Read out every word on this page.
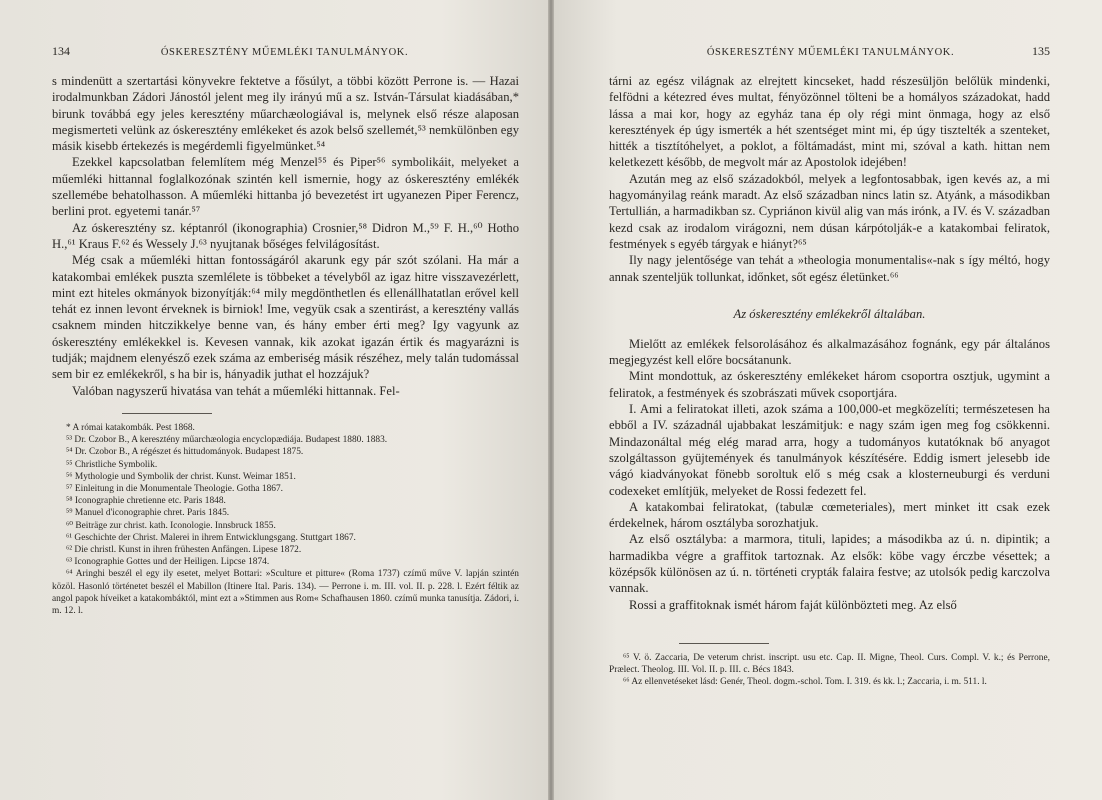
134	ÓSKERESZTÉNY MŰEMLÉKI TANULMÁNYOK.

s mindenütt a szertartási könyvekre fektetve a fősúlyt, a többi között Perrone is. — Hazai irodalmunkban Zádori Jánostól jelent meg ily irányú mű a sz. István-Társulat kiadásában,* birunk továbbá egy jeles keresztény műarchæologiával is, melynek első része alaposan megismerteti velünk az óskeresztény emlékeket és azok belső szellemét,⁵³ nemkülönben egy másik kisebb értekezés is megérdemli figyelmünket.⁵⁴

Ezekkel kapcsolatban felemlítem még Menzel⁵⁵ és Piper⁵⁶ symbolikáit, melyeket a műemléki hittannal foglalkozónak szintén kell ismernie, hogy az óskeresztény emlékék szellemébe behatolhasson. A műemléki hittanba jó bevezetést irt ugyanezen Piper Ferencz, berlini prot. egyetemi tanár.⁵⁷

Az óskeresztény sz. képtanról (ikonographia) Crosnier,⁵⁸ Didron M.,⁵⁹ F. H.,⁶⁰ Hotho H.,⁶¹ Kraus F.⁶² és Wessely J.⁶³ nyujtanak bőséges felvilágosítást.

Még csak a műemléki hittan fontosságáról akarunk egy pár szót szólani. Ha már a katakombai emlékek puszta szemlélete is többeket a tévelyből az igaz hitre visszavezérlett, mint ezt hiteles okmányok bizonyítják:⁶⁴ mily megdönthetlen és ellenállhatatlan erővel kell tehát ez innen levont érveknek is birniok! Ime, vegyük csak a szentirást, a keresztény vallás csaknem minden hitczikkelye benne van, és hány ember érti meg? Igy vagyunk az óskeresztény emlékekkel is. Kevesen vannak, kik azokat igazán értik és magyarázni is tudják; majdnem elenyésző ezek száma az emberiség másik részéhez, mely talán tudomással sem bir ez emlékekről, s ha bir is, hányadik juthat el hozzájuk?

Valóban nagyszerű hivatása van tehát a műemléki hittannak. Fel-

* A római katakombák. Pest 1868.

⁵³ Dr. Czobor B., A keresztény műarchæologia encyclopædiája. Budapest 1880. 1883.

⁵⁴ Dr. Czobor B., A régészet és hittudományok. Budapest 1875.

⁵⁵ Christliche Symbolik.

⁵⁶ Mythologie und Symbolik der christ. Kunst. Weimar 1851.

⁵⁷ Einleitung in die Monumentale Theologie. Gotha 1867.

⁵⁸ Iconographie chretienne etc. Paris 1848.

⁵⁹ Manuel d'iconographie chret. Paris 1845.

⁶⁰ Beiträge zur christ. kath. Iconologie. Innsbruck 1855.

⁶¹ Geschichte der Christ. Malerei in ihrem Entwicklungsgang. Stuttgart 1867.

⁶² Die christl. Kunst in ihren frühesten Anfängen. Lipese 1872.

⁶³ Iconographie Gottes und der Heiligen. Lipcse 1874.

⁶⁴ Aringhi beszél el egy ily esetet, melyet Bottari: »Sculture et pitture« (Roma 1737) czímű műve V. lapján szintén közöl. Hasonló történetet beszél el Mabillon (Itinere Ital. Paris. 134). — Perrone i. m. III. vol. II. p. 228. l. Ezért féltik az angol papok híveiket a katakombáktól, mint ezt a »Stimmen aus Rom« Schafhausen 1860. czímű munka tanusítja. Zádori, i. m. 12. l.

ÓSKERESZTÉNY MŰEMLÉKI TANULMÁNYOK.	135

tárni az egész világnak az elrejtett kincseket, hadd részesüljön belőlük mindenki, felfödni a kétezred éves multat, fényözönnel tölteni be a homályos századokat, hadd lássa a mai kor, hogy az egyház tana ép oly régi mint önmaga, hogy az első keresztények ép úgy ismerték a hét szentséget mint mi, ép úgy tisztelték a szenteket, hitték a tisztítóhelyet, a poklot, a föltámadást, mint mi, szóval a kath. hittan nem keletkezett később, de megvolt már az Apostolok idejében!

Azután meg az első századokból, melyek a legfontosabbak, igen kevés az, a mi hagyományilag reánk maradt. Az első században nincs latin sz. Atyánk, a másodikban Tertullián, a harmadikban sz. Cypriánon kivül alig van más irónk, a IV. és V. században kezd csak az irodalom virágozni, nem dúsan kárpótolják-e a katakombai feliratok, festmények s egyéb tárgyak e hiányt?⁶⁵

Ily nagy jelentősége van tehát a »theologia monumentalis«-nak s így méltó, hogy annak szenteljük tollunkat, időnket, sőt egész életünket.⁶⁶

Az óskeresztény emlékekről általában.

Mielőtt az emlékek felsorolásához és alkalmazásához fognánk, egy pár általános megjegyzést kell előre bocsátanunk.

Mint mondottuk, az óskeresztény emlékeket három csoportra osztjuk, ugymint a feliratok, a festmények és szobrászati művek csoportjára.

I. Ami a feliratokat illeti, azok száma a 100,000-et megközelíti; természetesen ha ebből a IV. századnál ujabbakat leszámitjuk: e nagy szám igen meg fog csökkenni. Mindazonáltal még elég marad arra, hogy a tudományos kutatóknak bő anyagot szolgáltasson gyüjtemények és tanulmányok készítésére. Eddig ismert jelesebb ide vágó kiadványokat fönebb soroltuk elő s még csak a klosterneuburgi és verduni codexeket említjük, melyeket de Rossi fedezett fel.

A katakombai feliratokat, (tabulæ cœmeteriales), mert minket itt csak ezek érdekelnek, három osztályba sorozhatjuk.

Az első osztályba: a marmora, tituli, lapides; a másodikba az ú. n. dipintik; a harmadikba végre a graffitok tartoznak. Az elsők: köbe vagy érczbe vésettek; a középsők különösen az ú. n. történeti crypták falaira festve; az utolsók pedig karczolva vannak.

Rossi a graffitoknak ismét három faját különbözteti meg. Az első

⁶⁵ V. ö. Zaccaria, De veterum christ. inscript. usu etc. Cap. II. Migne, Theol. Curs. Compl. V. k.; és Perrone, Prælect. Theolog. III. Vol. II. p. III. c. Bécs 1843.

⁶⁶ Az ellenvetéseket lásd: Genér, Theol. dogm.-schol. Tom. I. 319. és kk. l.; Zaccaria, i. m. 511. l.
